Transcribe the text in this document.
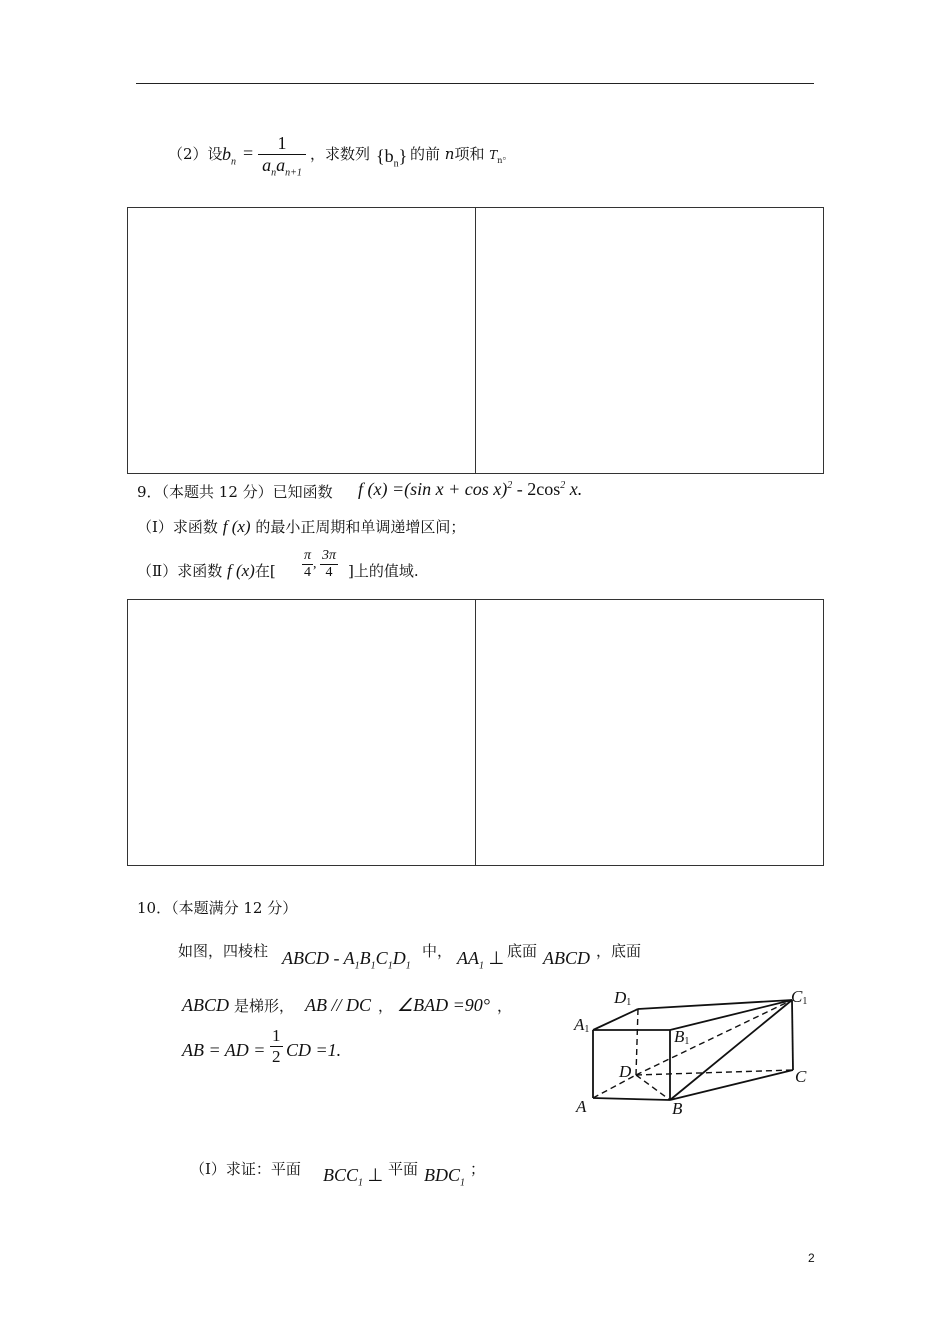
（2）设 $b_n = \frac{1}{a_na_{n+1}}$ ，求数列 $\{b_n\}$ 的前 n项和 $T_n$。
9．（本题共 12 分）已知函数 f (x) =(sin $x + \cos x)^2 - 2\cos^2$ x.
（Ⅰ）求函数 f (x) 的最小正周期和单调递增区间；
（Ⅱ）求函数 f (x)在[ $\frac{\pi}{4}$ , $\frac{3\pi}{4}$ ]上的值域.
10．（本题满分 12 分）
如图，四棱柱 ABCD - $A_1B_1C_1D_1$
中， $AA_1$ ⊥ 底面 ABCD ，底面
ABCD 是梯形， AB // DC ， ∠BAD =90° ，
AB = AD = $\frac{1}{2}$ CD =1.
D1	C1
A1	B1
D	C
A	B
（Ⅰ）求证：平面 $BCC_1$ ⊥ 平面 $BDC_1$
；
2
